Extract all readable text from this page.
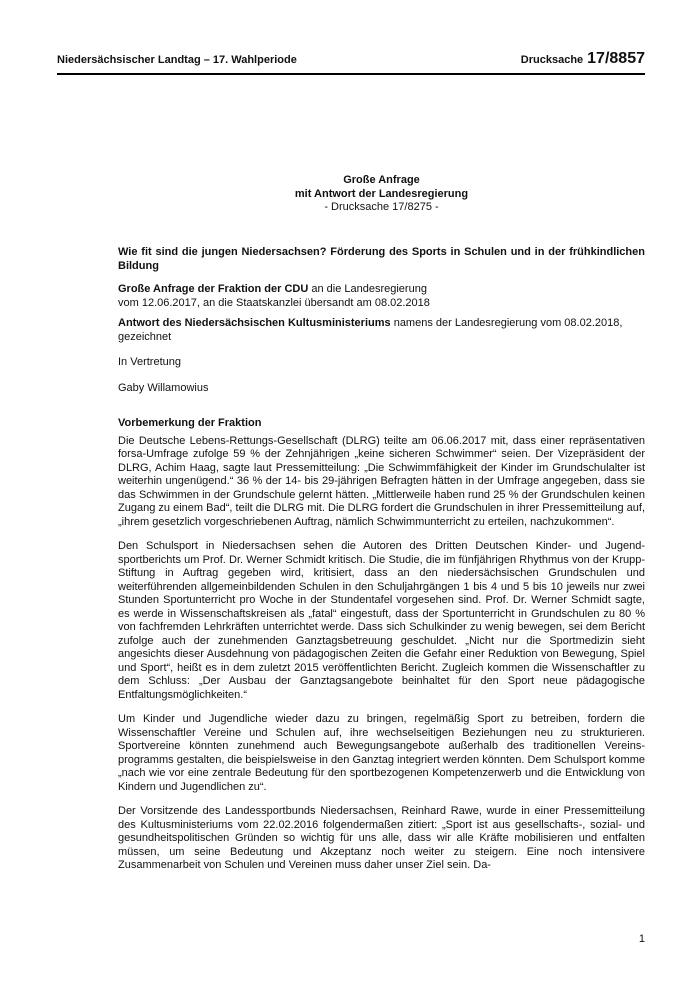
Niedersächsischer Landtag – 17. Wahlperiode	Drucksache 17/8857
Große Anfrage
mit Antwort der Landesregierung
- Drucksache 17/8275 -

Wie fit sind die jungen Niedersachsen? Förderung des Sports in Schulen und in der frühkindlichen Bildung

Große Anfrage der Fraktion der CDU an die Landesregierung

vom 12.06.2017, an die Staatskanzlei übersandt am 08.02.2018

Antwort des Niedersächsischen Kultusministeriums namens der Landesregierung vom 08.02.2018,

gezeichnet

In Vertretung

Gaby Willamowius

Vorbemerkung der Fraktion

Die Deutsche Lebens-Rettungs-Gesellschaft (DLRG) teilte am 06.06.2017 mit, dass einer repräsentativen forsa-Umfrage zufolge 59 % der Zehnjährigen „keine sicheren Schwimmer“ seien. Der Vizepräsident der DLRG, Achim Haag, sagte laut Pressemitteilung: „Die Schwimmfähigkeit der Kinder im Grundschulalter ist weiterhin ungenügend.“ 36 % der 14- bis 29-jährigen Befragten hätten in der Umfrage angegeben, dass sie das Schwimmen in der Grundschule gelernt hätten. „Mittlerweile haben rund 25 % der Grundschulen keinen Zugang zu einem Bad“, teilt die DLRG mit. Die DLRG fordert die Grundschulen in ihrer Pressemitteilung auf, „ihrem gesetzlich vorgeschriebenen Auftrag, nämlich Schwimmunterricht zu erteilen, nachzukommen“.

Den Schulsport in Niedersachsen sehen die Autoren des Dritten Deutschen Kinder- und Jugendsportberichts um Prof. Dr. Werner Schmidt kritisch. Die Studie, die im fünfjährigen Rhythmus von der Krupp-Stiftung in Auftrag gegeben wird, kritisiert, dass an den niedersächsischen Grundschulen und weiterführenden allgemeinbildenden Schulen in den Schuljahrgängen 1 bis 4 und 5 bis 10 jeweils nur zwei Stunden Sportunterricht pro Woche in der Stundentafel vorgesehen sind. Prof. Dr. Werner Schmidt sagte, es werde in Wissenschaftskreisen als „fatal“ eingestuft, dass der Sportunterricht in Grundschulen zu 80 % von fachfremden Lehrkräften unterrichtet werde. Dass sich Schulkinder zu wenig bewegen, sei dem Bericht zufolge auch der zunehmenden Ganztagsbetreuung geschuldet. „Nicht nur die Sportmedizin sieht angesichts dieser Ausdehnung von pädagogischen Zeiten die Gefahr einer Reduktion von Bewegung, Spiel und Sport“, heißt es in dem zuletzt 2015 veröffentlichten Bericht. Zugleich kommen die Wissenschaftler zu dem Schluss: „Der Ausbau der Ganztagsangebote beinhaltet für den Sport neue pädagogische Entfaltungsmöglichkeiten.“

Um Kinder und Jugendliche wieder dazu zu bringen, regelmäßig Sport zu betreiben, fordern die Wissenschaftler Vereine und Schulen auf, ihre wechselseitigen Beziehungen neu zu strukturieren. Sportvereine könnten zunehmend auch Bewegungsangebote außerhalb des traditionellen Vereinsprogramms gestalten, die beispielsweise in den Ganztag integriert werden könnten. Dem Schulsport komme „nach wie vor eine zentrale Bedeutung für den sportbezogenen Kompetenzerwerb und die Entwicklung von Kindern und Jugendlichen zu“.

Der Vorsitzende des Landessportbunds Niedersachsen, Reinhard Rawe, wurde in einer Pressemitteilung des Kultusministeriums vom 22.02.2016 folgendermaßen zitiert: „Sport ist aus gesellschafts-, sozial- und gesundheitspolitischen Gründen so wichtig für uns alle, dass wir alle Kräfte mobilisieren und entfalten müssen, um seine Bedeutung und Akzeptanz noch weiter zu steigern. Eine noch intensivere Zusammenarbeit von Schulen und Vereinen muss daher unser Ziel sein. Da-

1
